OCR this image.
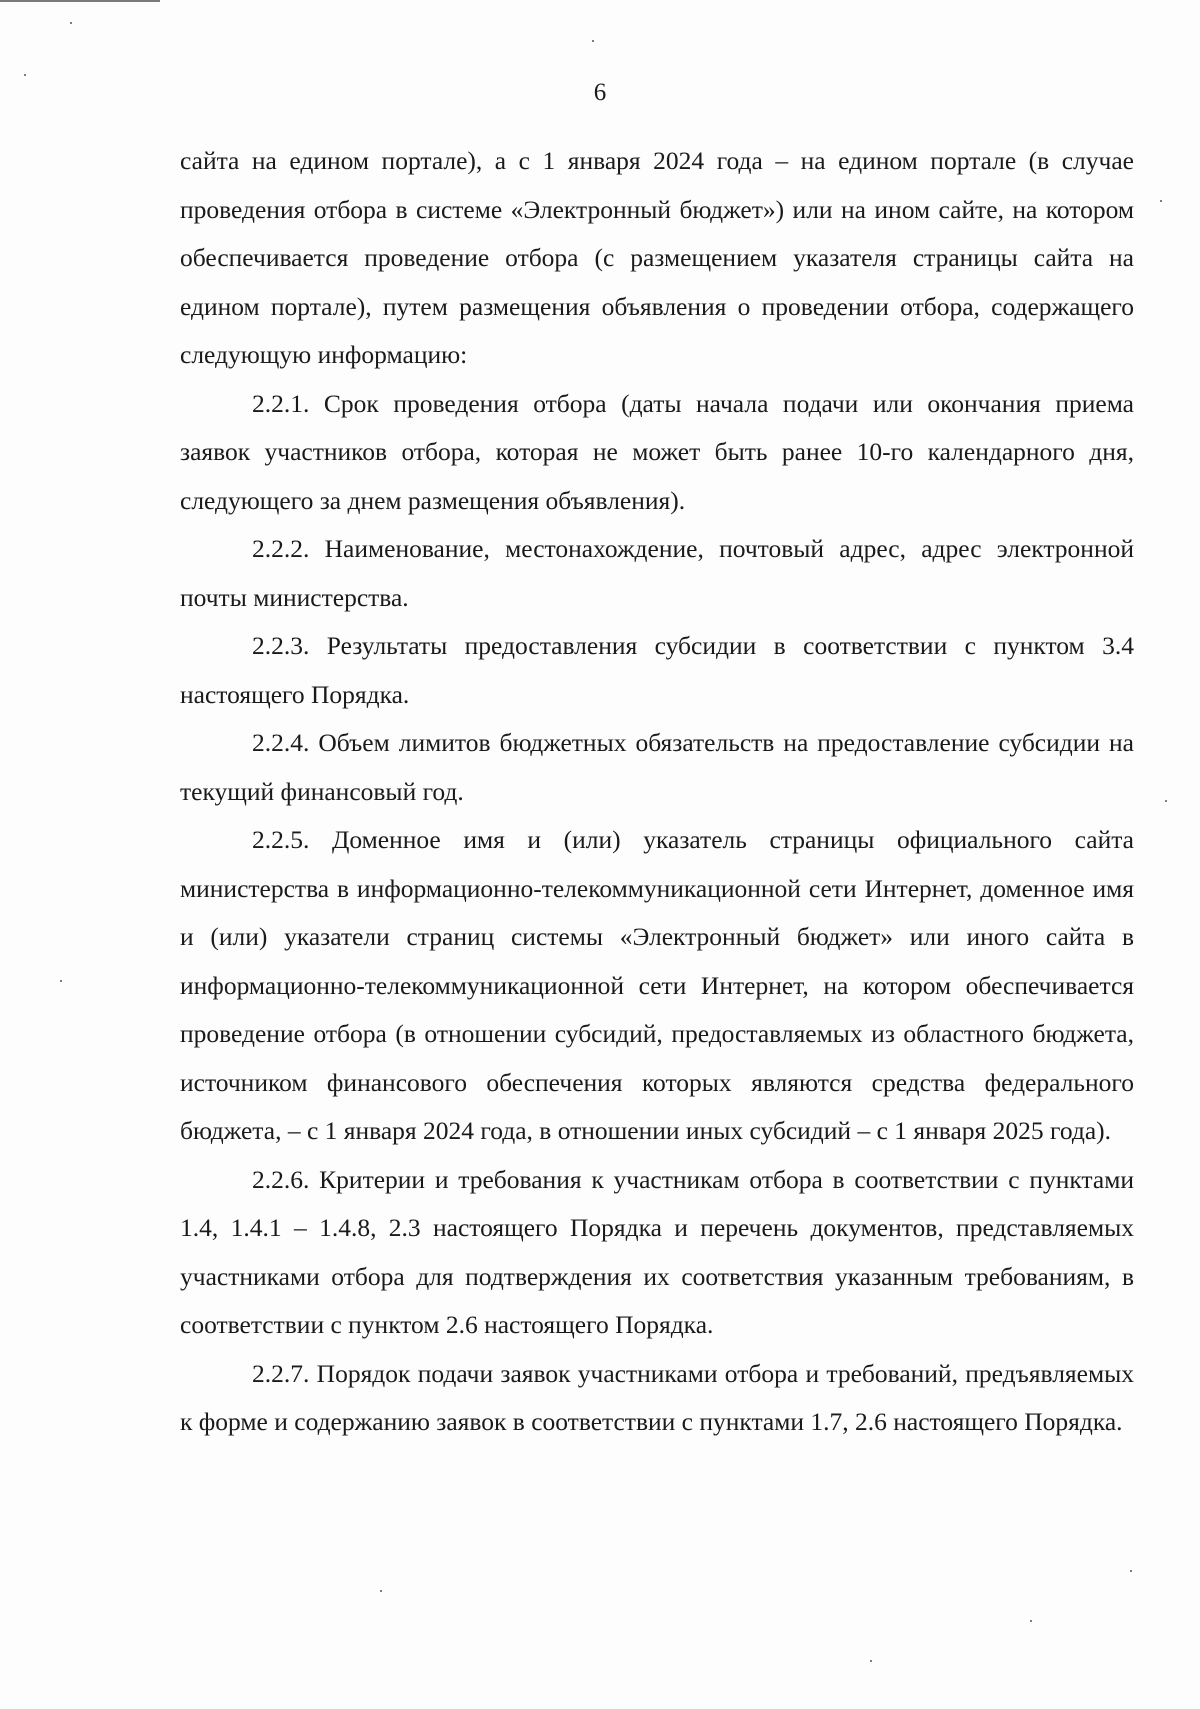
6

сайта на едином портале), а с 1 января 2024 года – на едином портале (в случае проведения отбора в системе «Электронный бюджет») или на ином сайте, на котором обеспечивается проведение отбора (с размещением указателя страницы сайта на едином портале), путем размещения объявления о проведении отбора, содержащего следующую информацию:

2.2.1. Срок проведения отбора (даты начала подачи или окончания приема заявок участников отбора, которая не может быть ранее 10-го календарного дня, следующего за днем размещения объявления).

2.2.2. Наименование, местонахождение, почтовый адрес, адрес электронной почты министерства.

2.2.3. Результаты предоставления субсидии в соответствии с пунктом 3.4 настоящего Порядка.

2.2.4. Объем лимитов бюджетных обязательств на предоставление субсидии на текущий финансовый год.

2.2.5. Доменное имя и (или) указатель страницы официального сайта министерства в информационно-телекоммуникационной сети Интернет, доменное имя и (или) указатели страниц системы «Электронный бюджет» или иного сайта в информационно-телекоммуникационной сети Интернет, на котором обеспечивается проведение отбора (в отношении субсидий, предоставляемых из областного бюджета, источником финансового обеспечения которых являются средства федерального бюджета, – с 1 января 2024 года, в отношении иных субсидий – с 1 января 2025 года).

2.2.6. Критерии и требования к участникам отбора в соответствии с пунктами 1.4, 1.4.1 – 1.4.8, 2.3 настоящего Порядка и перечень документов, представляемых участниками отбора для подтверждения их соответствия указанным требованиям, в соответствии с пунктом 2.6 настоящего Порядка.

2.2.7. Порядок подачи заявок участниками отбора и требований, предъявляемых к форме и содержанию заявок в соответствии с пунктами 1.7, 2.6 настоящего Порядка.
